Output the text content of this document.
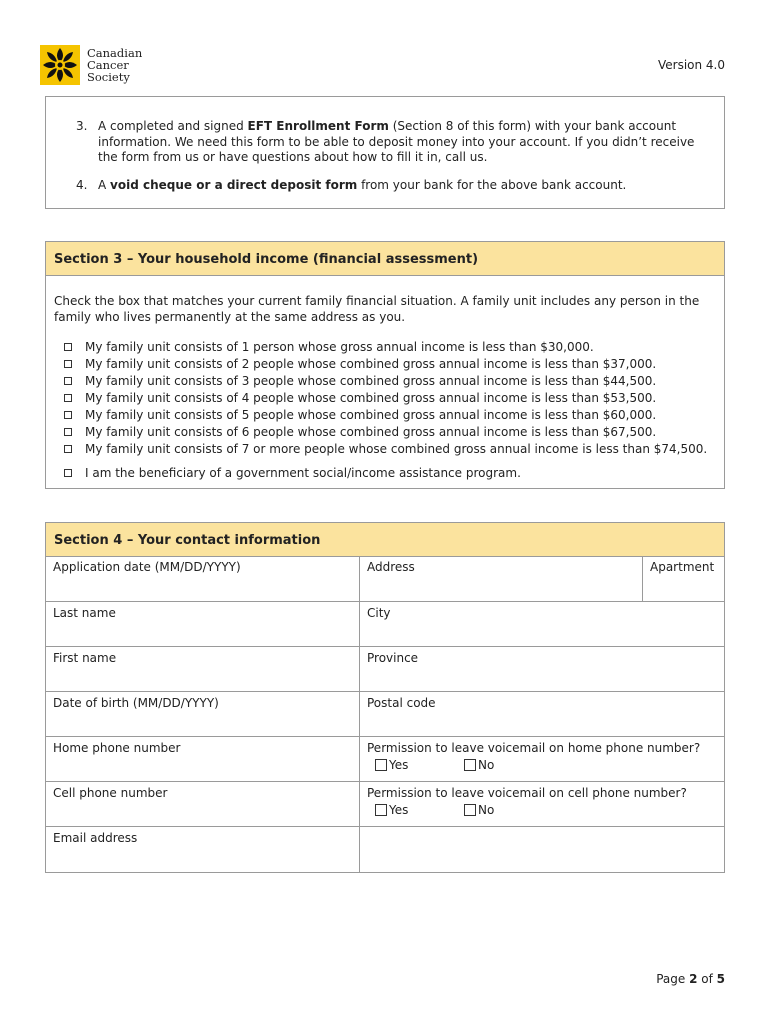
Canadian
Cancer
Society
Version 4.0
3. A completed and signed EFT Enrollment Form (Section 8 of this form) with your bank account information. We need this form to be able to deposit money into your account. If you didn’t receive the form from us or have questions about how to fill it in, call us.
4. A void cheque or a direct deposit form from your bank for the above bank account.
Section 3 – Your household income (financial assessment)
Check the box that matches your current family financial situation. A family unit includes any person in the family who lives permanently at the same address as you.
My family unit consists of 1 person whose gross annual income is less than $30,000.
My family unit consists of 2 people whose combined gross annual income is less than $37,000.
My family unit consists of 3 people whose combined gross annual income is less than $44,500.
My family unit consists of 4 people whose combined gross annual income is less than $53,500.
My family unit consists of 5 people whose combined gross annual income is less than $60,000.
My family unit consists of 6 people whose combined gross annual income is less than $67,500.
My family unit consists of 7 or more people whose combined gross annual income is less than $74,500.
I am the beneficiary of a government social/income assistance program.
Section 4 – Your contact information
Application date (MM/DD/YYYY)	Address	Apartment
Last name	City
First name	Province
Date of birth (MM/DD/YYYY)	Postal code
Home phone number	Permission to leave voicemail on home phone number?
Yes	No
Cell phone number	Permission to leave voicemail on cell phone number?
Yes	No
Email address
Page 2 of 5
